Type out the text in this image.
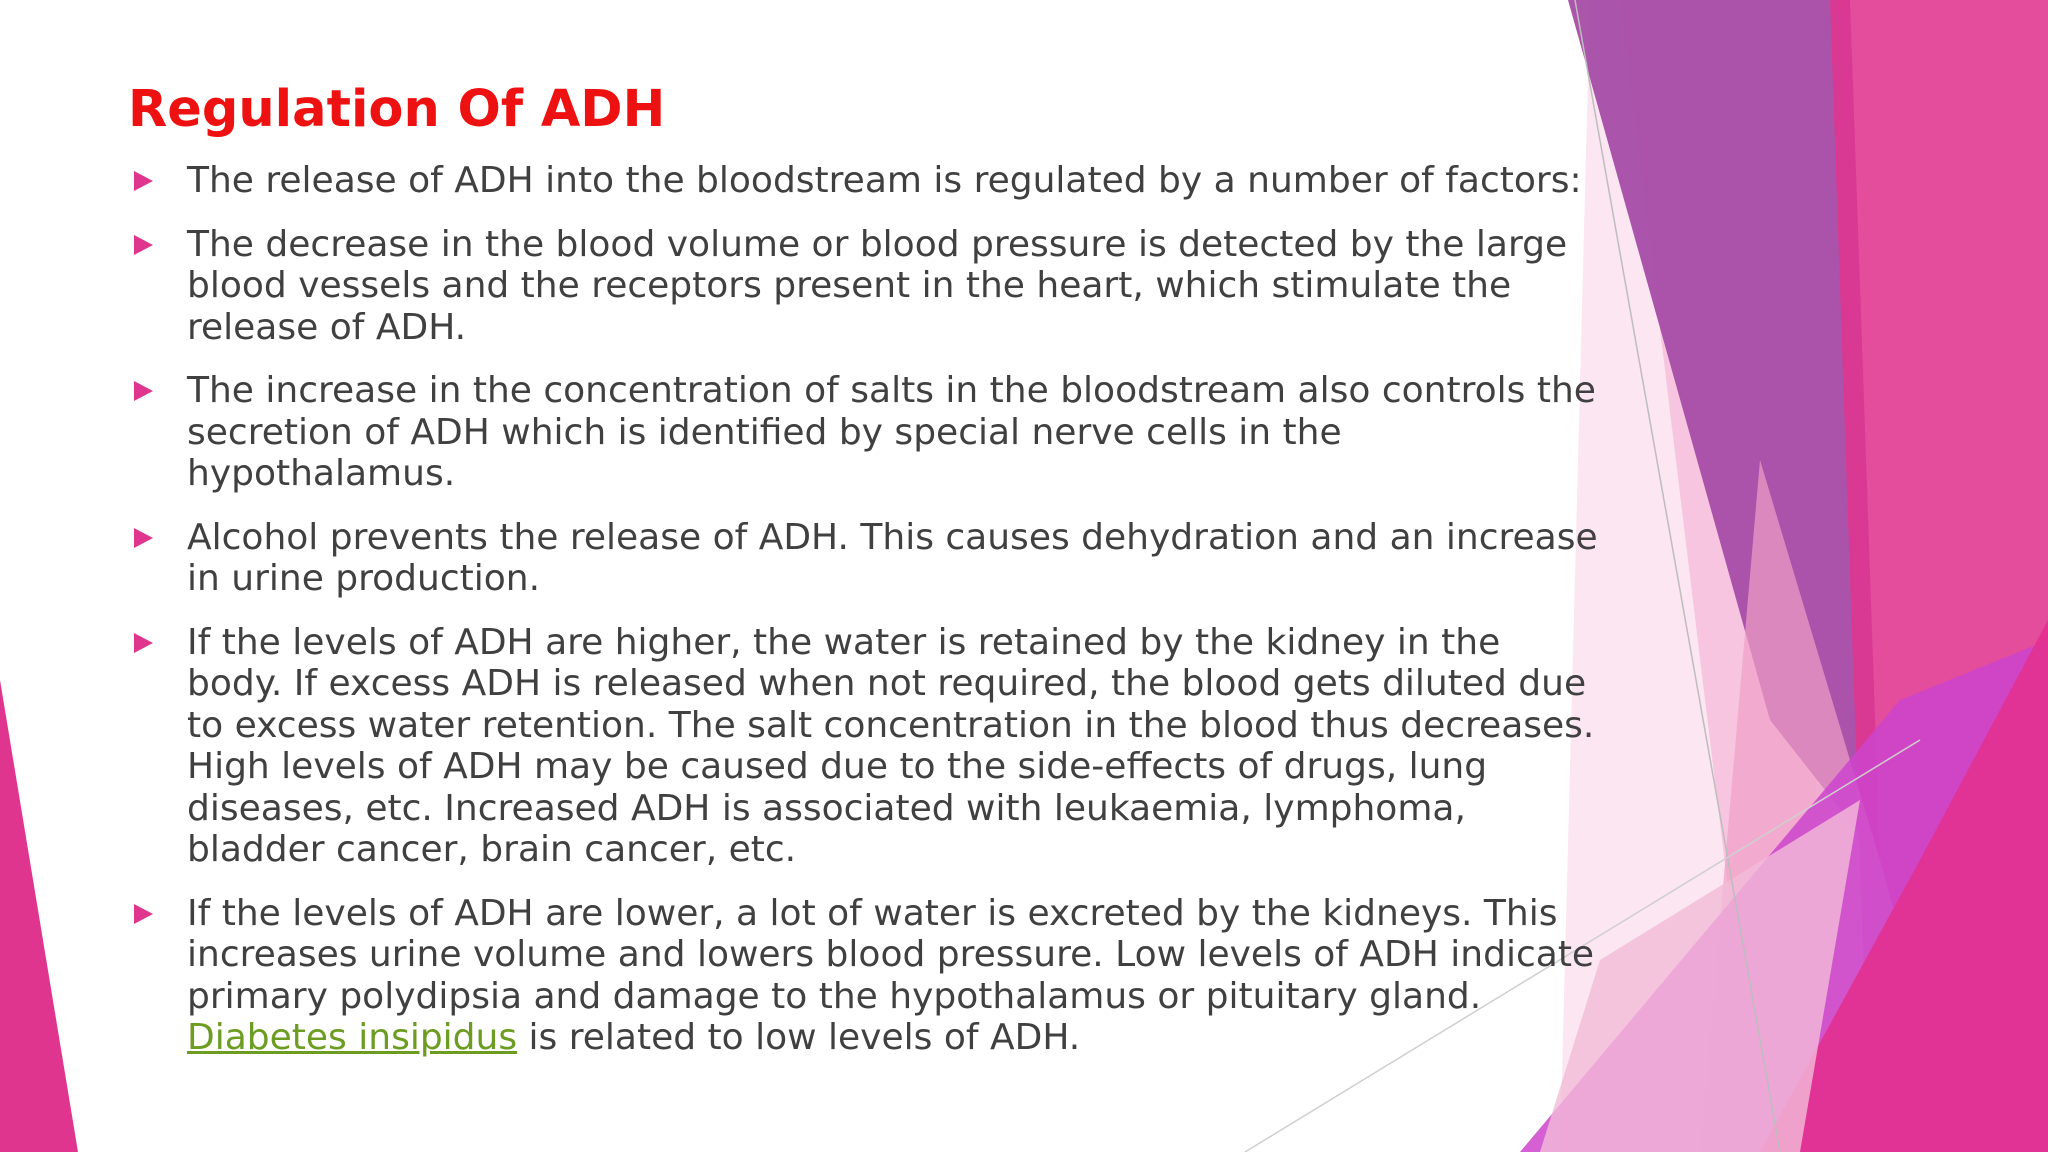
Regulation Of ADH
The release of ADH into the bloodstream is regulated by a number of factors:
The decrease in the blood volume or blood pressure is detected by the large blood vessels and the receptors present in the heart, which stimulate the release of ADH.
The increase in the concentration of salts in the bloodstream also controls the secretion of ADH which is identified by special nerve cells in the hypothalamus.
Alcohol prevents the release of ADH. This causes dehydration and an increase in urine production.
If the levels of ADH are higher, the water is retained by the kidney in the body. If excess ADH is released when not required, the blood gets diluted due to excess water retention. The salt concentration in the blood thus decreases. High levels of ADH may be caused due to the side-effects of drugs, lung diseases, etc. Increased ADH is associated with leukaemia, lymphoma, bladder cancer, brain cancer, etc.
If the levels of ADH are lower, a lot of water is excreted by the kidneys. This increases urine volume and lowers blood pressure. Low levels of ADH indicate primary polydipsia and damage to the hypothalamus or pituitary gland. Diabetes insipidus is related to low levels of ADH.
